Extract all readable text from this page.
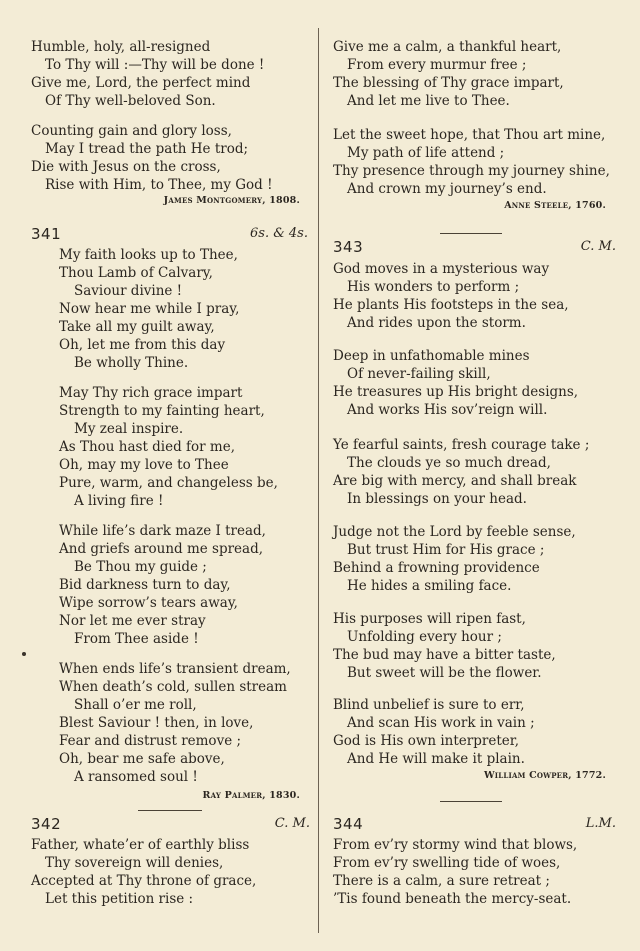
Humble, holy, all-resigned
To Thy will :—Thy will be done !
Give me, Lord, the perfect mind
Of Thy well-beloved Son.
Counting gain and glory loss,
May I tread the path He trod;
Die with Jesus on the cross,
Rise with Him, to Thee, my God !
James Montgomery, 1808.
341	6s. & 4s.
My faith looks up to Thee,
Thou Lamb of Calvary,
Saviour divine !
Now hear me while I pray,
Take all my guilt away,
Oh, let me from this day
Be wholly Thine.
May Thy rich grace impart
Strength to my fainting heart,
My zeal inspire.
As Thou hast died for me,
Oh, may my love to Thee
Pure, warm, and changeless be,
A living fire !
While life’s dark maze I tread,
And griefs around me spread,
Be Thou my guide ;
Bid darkness turn to day,
Wipe sorrow’s tears away,
Nor let me ever stray
From Thee aside !
When ends life’s transient dream,
When death’s cold, sullen stream
Shall o’er me roll,
Blest Saviour ! then, in love,
Fear and distrust remove ;
Oh, bear me safe above,
A ransomed soul !
Ray Palmer, 1830.
342	C. M.
Father, whate’er of earthly bliss
Thy sovereign will denies,
Accepted at Thy throne of grace,
Let this petition rise :
Give me a calm, a thankful heart,
From every murmur free ;
The blessing of Thy grace impart,
And let me live to Thee.
Let the sweet hope, that Thou art mine,
My path of life attend ;
Thy presence through my journey shine,
And crown my journey’s end.
Anne Steele, 1760.
343	C. M.
God moves in a mysterious way
His wonders to perform ;
He plants His footsteps in the sea,
And rides upon the storm.
Deep in unfathomable mines
Of never-failing skill,
He treasures up His bright designs,
And works His sov’reign will.
Ye fearful saints, fresh courage take ;
The clouds ye so much dread,
Are big with mercy, and shall break
In blessings on your head.
Judge not the Lord by feeble sense,
But trust Him for His grace ;
Behind a frowning providence
He hides a smiling face.
His purposes will ripen fast,
Unfolding every hour ;
The bud may have a bitter taste,
But sweet will be the flower.
Blind unbelief is sure to err,
And scan His work in vain ;
God is His own interpreter,
And He will make it plain.
William Cowper, 1772.
344	L.M.
From ev’ry stormy wind that blows,
From ev’ry swelling tide of woes,
There is a calm, a sure retreat ;
’Tis found beneath the mercy-seat.
